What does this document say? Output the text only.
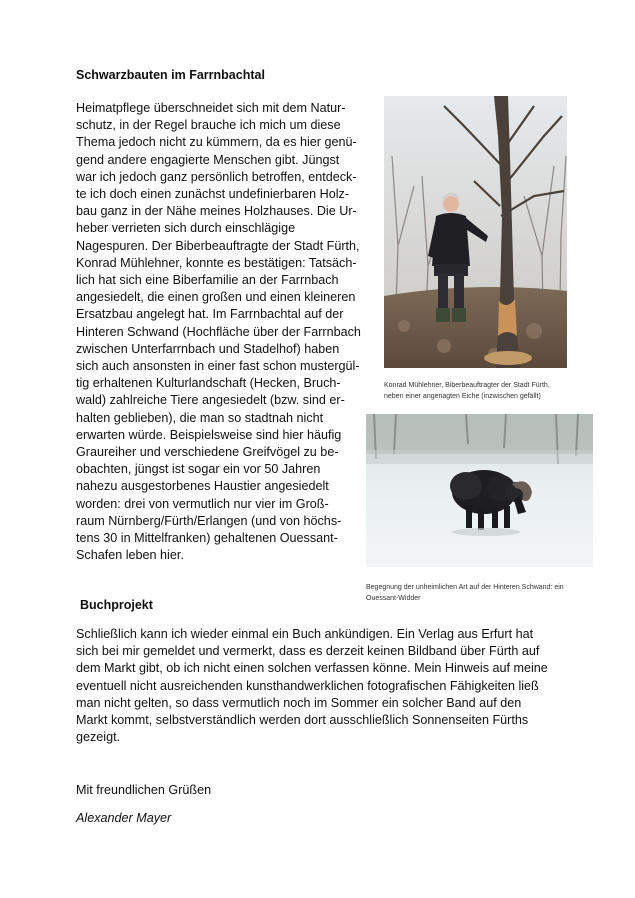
Schwarzbauten im Farrnbachtal
Heimatpflege überschneidet sich mit dem Natur-
schutz, in der Regel brauche ich mich um diese
Thema jedoch nicht zu kümmern, da es hier genü-
gend andere engagierte Menschen gibt. Jüngst
war ich jedoch ganz persönlich betroffen, entdeck-
te ich doch einen zunächst undefinierbaren Holz-
bau ganz in der Nähe meines Holzhauses. Die Ur-
heber verrieten sich durch einschlägige
Nagespuren. Der Biberbeauftragte der Stadt Fürth,
Konrad Mühlehner, konnte es bestätigen: Tatsäch-
lich hat sich eine Biberfamilie an der Farrnbach
angesiedelt, die einen großen und einen kleineren
Ersatzbau angelegt hat. Im Farrnbachtal auf der
Hinteren Schwand (Hochfläche über der Farrnbach
zwischen Unterfarrnbach und Stadelhof) haben
sich auch ansonsten in einer fast schon mustergül-
tig erhaltenen Kulturlandschaft (Hecken, Bruch-
wald) zahlreiche Tiere angesiedelt (bzw. sind er-
halten geblieben), die man so stadtnah nicht
erwarten würde. Beispielsweise sind hier häufig
Graureiher und verschiedene Greifvögel zu be-
obachten, jüngst ist sogar ein vor 50 Jahren
nahezu ausgestorbenes Haustier angesiedelt
worden: drei von vermutlich nur vier im Groß-
raum Nürnberg/Fürth/Erlangen (und von höchs-
tens 30 in Mittelfranken) gehaltenen Ouessant-
Schafen leben hier.
Konrad Mühlehner, Biberbeauftragter der Stadt Fürth,
neben einer angenagten Eiche (inzwischen gefällt)
Begegnung der unheimlichen Art auf der Hinteren Schwand: ein
Ouessant-Widder
Buchprojekt
Schließlich kann ich wieder einmal ein Buch ankündigen. Ein Verlag aus Erfurt hat
sich bei mir gemeldet und vermerkt, dass es derzeit keinen Bildband über Fürth auf
dem Markt gibt, ob ich nicht einen solchen verfassen könne. Mein Hinweis auf meine
eventuell nicht ausreichenden kunsthandwerklichen fotografischen Fähigkeiten ließ
man nicht gelten, so dass vermutlich noch im Sommer ein solcher Band auf den
Markt kommt, selbstverständlich werden dort ausschließlich Sonnenseiten Fürths
gezeigt.
Mit freundlichen Grüßen
Alexander Mayer
